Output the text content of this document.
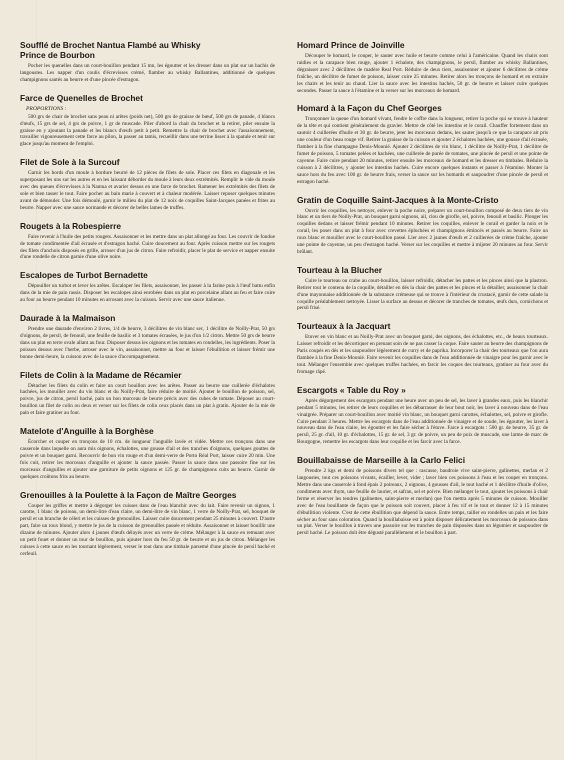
Soufflé de Brochet Nantua Flambé au Whisky
Prince de Bourbon

Pocher les quenelles dans un court-bouillon pendant 15 mn, les égoutter et les dresser dans un plat sur un hachis de langoustes. Les napper d'un coulis d'écrevisses crémé, flamber au whisky Ballantines, additionné de quelques champignons sautés au beurre et d'une pincée d'estragon.

Farce de Quenelles de Brochet
PROPORTIONS :

500 grs de chair de brochet sans peau ni arêtes (poids net), 500 grs de graisse de bœuf, 500 grs de panade, 4 blancs d'œufs, 15 grs de sel, 4 grs de poivre, 1 gr de muscade. Piler d'abord la chair du brochet et la retirer, piler ensuite la graisse en y ajoutant la panade et les blancs d'œufs petit à petit. Remettre la chair de brochet avec l'assaisonnement, travailler vigoureusement cette farce au pilon, la passer au tamis, recueillir dans une terrine lisser à la spatule et tenir sur glace jusqu'au moment de l'emploi.

Filet de Sole à la Surcouf

Garnir les bords d'un moule à bordure beurré de 12 pièces de filets de sole. Placer ces filets en diagonale et les superposant les uns sur les autres et en les laissant déborder du moule à leurs deux extrémités. Remplir le vide du moule avec des queues d'écrevisses à la Nantua et avarier dessus en une farce de brochet. Ramener les extrémités des filets de sole et bien tasser le tout. Faire pocher au bain marie à couvert et à chaleur modérée. Laisser reposer quelques minutes avant de démouler. Une fois démoulé, garnir le milieu du plat de 12 noix de coquilles Saint-Jacques panées et frites au beurre. Napper avec une sauce normande et décorer de belles lames de truffes.

Rougets à la Robespierre

Faire revenir à l'huile des petits rougets. Assaisonner et les mettre dans un plat allongé au four. Les couvrir de fondue de tomate condimentée d'ail écrasée et d'estragon haché. Cuire doucement au four. Après cuisson mettre sur les rougets des filets d'anchois disposés en grille, arroser d'un jus de citron. Faire refroidir, placer le plat de service et napper ensuite d'une rondelle de citron garnie d'une olive noire.

Escalopes de Turbot Bernadette

Dépouiller un turbot et lever les arêtes. Escaloper les filets, assaisonner, les passer à la farine puis à l'œuf battu enfin dans de la mie de pain rassis. Disposer les escalopes ainsi enrobées dans un plat en porcelaine allant au feu et faire cuire au four au beurre pendant 10 minutes en arrosant avec la cuisson. Servir avec une sauce italienne.

Daurade à la Malmaison

Prendre une daurade d'environ 2 livres, 1/4 de beurre, 3 décilitres de vin blanc sec, 1 décilitre de Noilly-Prat, 50 grs d'oignons, de persil, de fenouil, une feuille de basilic et 3 tomates écrasées, le jus d'un 1/2 citron. Mettre 50 grs de beurre dans un plat en terre ovale allant au four. Disposer dessus les oignons et les tomates en rondelles, les ingrédients. Poser la poisson dessus avec l'herbe, arroser avec le vin, assaisonner, mettre au four et laisser l'ébullition et laisser frémir une bonne demi-heure, la cuisson avec de la sauce d'accompagnement.

Filets de Colin à la Madame de Récamier

Détacher les filets du colin et faire un court bouillon avec les arêtes. Passer au beurre une cuillerée d'échalotes hachées, les mouiller avec du vin blanc et du Noilly-Prat, faire réduire de moitié. Ajouter le bouillon de poisson, sel, poivre, jus de citron, persil haché, pain un bon morceau de beurre précis avec des cubes de tomate. Déposer au court-bouillon un filet de colin ou deux et verser sur les filets de colin ceux placés dans un plat à gratin. Ajouter de la mie de pain et faire gratiner au four.

Matelote d'Anguille à la Borghèse

Écorcher et couper en tronçons de 10 cm. de longueur l'anguille lavée et vidée. Mettre ces tronçons dans une casserole dans laquelle on aura mis oignons, échalottes, une gousse d'ail et des tranches d'oignons, quelques gouttes de poivre et un bouquet garni. Recouvrir de bon vin rouge et d'un demi-verre de Porto Réal Port, laisser cuire 20 min. Une fois cuit, retirer les morceaux d'anguille et ajouter la sauce passée. Passer la sauce dans une passoire fine sur les morceaux d'anguilles et ajouter une garniture de petits oignons et 125 gr. de champignons cuits au beurre. Garnir de quelques croûtons frits au beurre.

Grenouilles à la Poulette à la Façon de Maître Georges

Couper les griffes et mettre à dégorger les cuisses dans de l'eau blanchir avec du lait. Faire revenir un oignon, 1 carotte, 1 blanc de poireau, un demi-litre d'eau claire, un demi-litre de vin blanc, 1 verre de Noilly-Prat, sel, bouquet de persil et un branche de céleri et les cuisses de grenouilles. Laisser cuire doucement pendant 25 minutes à couvert. D'autre part, faire un roux blond, y mettre le jus de la cuisson de grenouilles passée et réduite. Assaisonner et laisser bouillir une dizaine de minutes. Ajouter alors 4 jaunes d'œufs délayés avec un verre de crème. Mélanger à la sauce en remuant avec un petit fouet et donner un tour de bouillon, puis ajouter hors du feu 50 gr. de beurre et un jus de citron. Mélanger les cuisses à cette sauce en les tournant légèrement, verser le tout dans une timbale parsemé d'une pincée de persil haché et cerfeuil.

Homard Prince de Joinville

Découper le homard, le couper, le sauter avec huile et beurre comme celui à l'américaine. Quand les chairs sont raidies et la carapace bien rouge, ajouter 1 échalote, des champignons, le persil, flamber au whisky Ballantines, dégraisser avec 2 décilitres de madère Real Port. Réduire de deux tiers, assaisonner et ajouter 6 décilitres de crème fraîche, un décilitre de fumet de poisson, laisser cuire 25 minutes. Retirer alors les tronçons de homard et en extraire les chairs et les tenir au chaud. Lier la sauce avec les intestins hachés, 50 gr. de beurre et laisser cuire quelques secondes. Passer la sauce à l'étamine et la verser sur les morceaux de homard.

Homard à la Façon du Chef Georges

Tronçonner la queue d'un homard vivant, fendre le coffre dans la longueur, retirer la poche qui se trouve à hauteur de la tête et qui contient généralement du gravier. Mettre de côté les intestins et le corail. Chauffer fortement dans un sautoir 4 cuillerées d'huile et 30 gr. de beurre, jeter les morceaux dedans, les sauter jusqu'à ce que la carapace ait pris une couleur d'un beau rouge vif. Retirer la graisse de la cuisson et ajouter 2 échalotes hachées, une gousse d'ail écrasée, flamber à la fine champagne Denis-Mounié. Ajouter 2 décilitres de vin blanc, 1 décilitre de Noilly-Prat, 1 décilitre de fumet de poisson, 5 tomates pelées et hachées, une cuillerée de purée de tomates, une pincée de persil et une pointe de cayenne. Faire cuire pendant 20 minutes, retirer ensuite les morceaux de homard et les dresser en timbales. Réduire la cuisson à 2 décilitres, y ajouter les intestins hachés. Cuire encore quelques instants et passer à l'étamine. Monter la sauce hors du feu avec 100 gr. de beurre frais, verser la sauce sur les homards et saupoudrer d'une pincée de persil et estragon haché.

Gratin de Coquille Saint-Jacques à la Monte-Cristo

Ouvrir les coquilles, les nettoyer, enlever la poche noire, préparer un court-bouillon composé de deux tiers de vin blanc et un tiers de Noilly-Prat, un bouquet garni oignons, ail, clou de girofle, sel, poivre, fenouil et basilic. Plonger les coquilles dedans et laisser frémir pendant 10 minutes. Retirer les coquilles, enlever le corail et garder la noix et le corail, les poser dans un plat à four avec crevettes épluchées et champignons émincés et passés au beurre. Faire un roux blanc et mouiller avec le court-bouillon passé. Lier avec 2 jaunes d'œufs et 2 cuillerées de crème fraîche, ajouter une pointe de cayenne, un peu d'estragon haché. Verser sur les coquilles et mettre à mijoter 20 minutes au four. Servir brûlant.

Tourteau à la Blucher

Cuire le tourteau ou crabe au court-bouillon, laisser refroidir, détacher les pattes et les pinces ainsi que la plastron. Retirer tout le contenu de la coquille, détailler en dés la chair des pattes et les pinces et la détailler, assaisonner la chair d'une mayonnaise additionnée de la substance crémeuse qui se trouve à l'intérieur du crustacé, garnir de cette salade la coquille préalablement nettoyée. Lisser la surface au dessus et décorer de tranches de tomates, œufs durs, cornichons et persil frisé.

Tourteaux à la Jacquart

Etuver en vin blanc et au Noilly-Prat avec un bouquet garni, des oignons, des échalottes, etc., de beaux tourteaux. Laisser refroidir et les décortiquer en prenant soin de ne pas casser la coque. Faire sauter au beurre des champignons de Paris coupés en dés et les saupoudrer légèrement de curry et de paprika. Incorporer la chair des tourteaux que l'on aura flambée à la fine Denis-Mounié. Faire revenir les coquilles dans de l'eau additionnée de vinaigre pour les garnir avec le tout. Mélanger l'ensemble avec quelques truffes hachées, en farcir les coques des tourteaux, gratiner au four avec du fromage râpé.

Escargots « Table du Roy »

Après dégorgement des escargots pendant une heure avec un peu de sel, les laver à grandes eaux, puis les blanchir pendant 5 minutes, les retirer de leurs coquilles et les débarrasser de leur bout noir, les laver à nouveau dans de l'eau vinaigrée. Préparer un court-bouillon avec moitié vin blanc, un bouquet garni carottes, échalottes, sel, poivre et girofle. Cuire pendant 3 heures. Mettre les escargots dans de l'eau additionnée de vinaigre et de soude, les égoutter, les laver à nouveau dans de l'eau claire, les égoutter et les faire sécher à l'étuve. Farce à escargots : 500 gr. de beurre, 35 gr. de persil, 25 gr. d'ail, 10 gr. d'échalottes, 15 gr. de sel, 3 gr. de poivre, un peu de poix de muscade, une larme de marc de Bourgogne, remettre les escargots dans leur coquille et les farcir avec la farce.

Bouillabaisse de Marseille à la Carlo Felici

Prendre 2 kgs et demi de poissons divers tel que : rascasse, baudroie vive saint-pierre, galinettes, merlan et 2 langoustes, tout ces poissons vivants, écailler, lever, vider ; laver bien ces poissons à l'eau et les couper en tronçons. Mettre dans une casserole à fond épais 2 poireaux, 2 oignons, 4 gousses d'ail, le tout haché et 1 décilitre d'huile d'olive, condiments avec thym, une feuille de laurier, et safran, sel et poivre. Bien mélanger le tout, ajouter les poissons à chair ferme et réserver les tendres (galinettes, saint-pierre et merlan) que l'on mettra après 5 minutes de cuisson. Mouiller avec de l'eau bouillante de façon que le poisson soit couvert, placer à feu vif et le tout et donner 12 à 15 minutes d'ébullition violente. C'est de cette ébullition que dépend la sauce. Entre temps, tailler en rondelles un pain et les faire sécher au four sans coloration. Quand la bouillabaisse est à point disposer délicatement les morceaux de poissons dans un plat. Verser le bouillon à travers une passoire sur les tranches de pain disposées dans un légumier et saupoudrer de persil haché. Le poisson doit être dégusté parallèlement et le bouillon à part.
